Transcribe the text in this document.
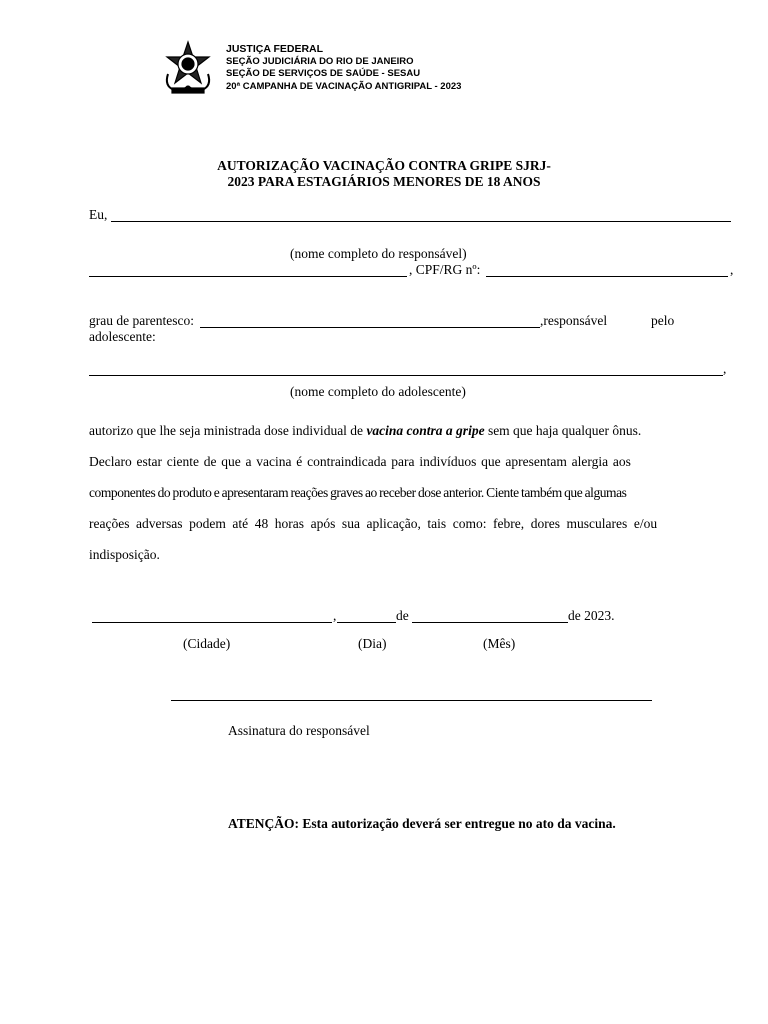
JUSTIÇA FEDERAL
SEÇÃO JUDICIÁRIA DO RIO DE JANEIRO
SEÇÃO DE SERVIÇOS DE SAÚDE - SESAU
20ª CAMPANHA DE VACINAÇÃO ANTIGRIPAL - 2023
AUTORIZAÇÃO VACINAÇÃO CONTRA GRIPE SJRJ-
2023 PARA ESTAGIÁRIOS MENORES DE 18 ANOS
Eu,
(nome completo do responsável)
, CPF/RG nº:	,
grau de parentesco:	,responsável	pelo
adolescente:
,
(nome completo do adolescente)
autorizo que lhe seja ministrada dose individual de vacina contra a gripe sem que haja qualquer ônus.
Declaro estar ciente de que a vacina é contraindicada para indivíduos que apresentam alergia aos
componentes do produto e apresentaram reações graves ao receber dose anterior. Ciente também que algumas
reações adversas podem até 48 horas após sua aplicação, tais como: febre, dores musculares e/ou
indisposição.
,	de	de 2023.
(Cidade)	(Dia)	(Mês)
Assinatura do responsável
ATENÇÃO: Esta autorização deverá ser entregue no ato da vacina.
